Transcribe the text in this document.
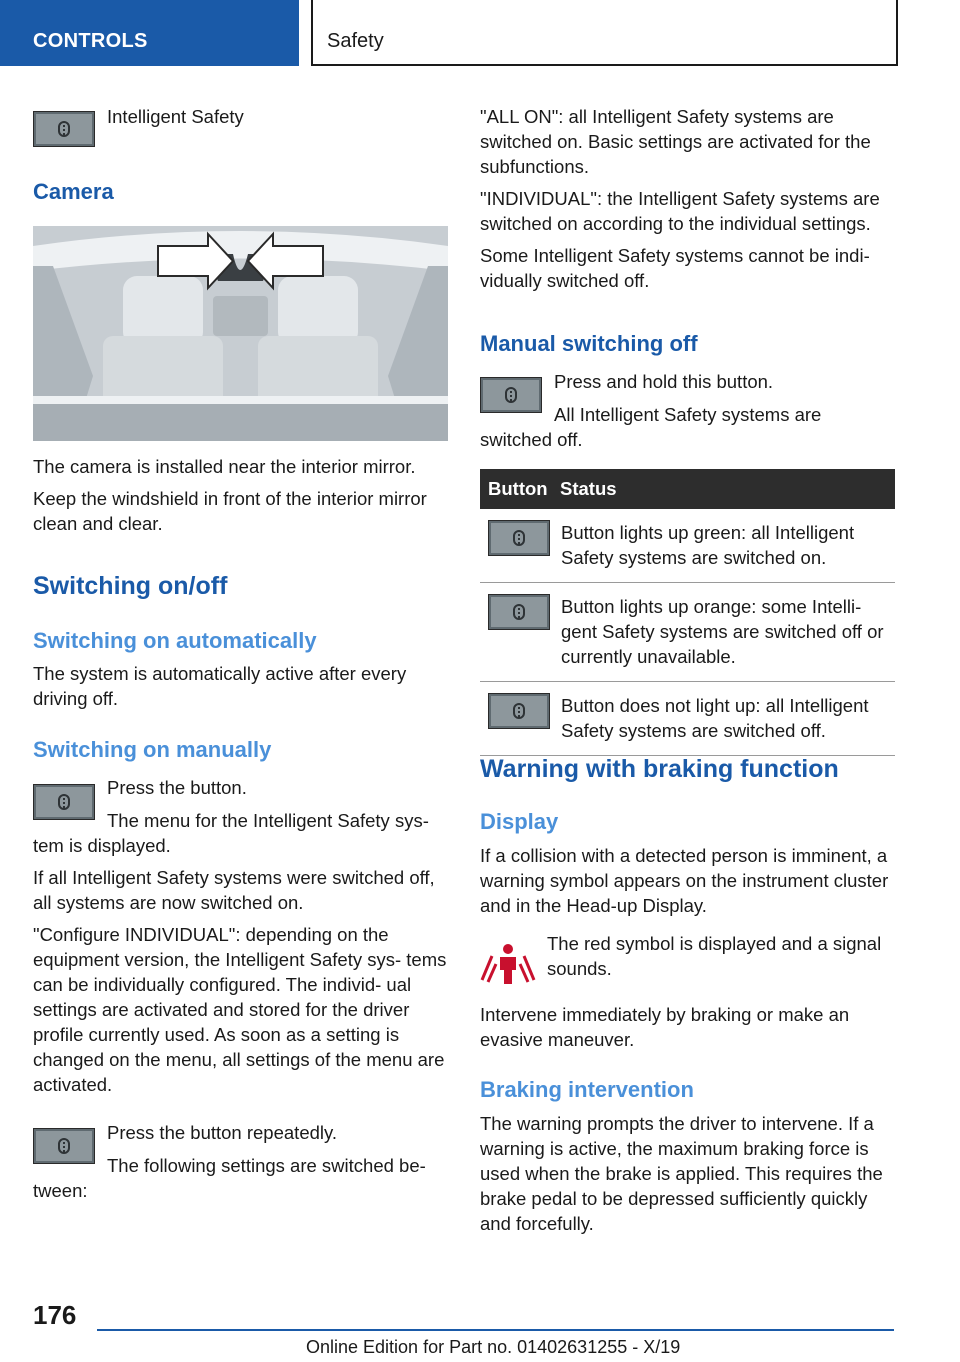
CONTROLS	Safety

Intelligent Safety

Camera

The camera is installed near the interior mirror.

Keep the windshield in front of the interior mirror clean and clear.

Switching on/off
Switching on automatically

The system is automatically active after every driving off.

Switching on manually

Press the button.

The menu for the Intelligent Safety sys‐ tem is displayed.

If all Intelligent Safety systems were switched off, all systems are now switched on.

"Configure INDIVIDUAL": depending on the equipment version, the Intelligent Safety sys‐ tems can be individually configured. The individ‐ ual settings are activated and stored for the driver profile currently used. As soon as a setting is changed on the menu, all settings of the menu are activated.

Press the button repeatedly.

The following settings are switched be‐ tween:

"ALL ON": all Intelligent Safety systems are switched on. Basic settings are activated for the subfunctions.

"INDIVIDUAL": the Intelligent Safety systems are switched on according to the individual settings.

Some Intelligent Safety systems cannot be indi‐ vidually switched off.

Manual switching off

Press and hold this button.

All Intelligent Safety systems are switched off.

Button	Status

	Button lights up green: all Intelligent Safety systems are switched on.

	Button lights up orange: some Intelli‐ gent Safety systems are switched off or currently unavailable.

	Button does not light up: all Intelligent Safety systems are switched off.
Warning with braking function
Display

If a collision with a detected person is imminent, a warning symbol appears on the instrument cluster and in the Head-up Display.

The red symbol is displayed and a signal sounds.

Intervene immediately by braking or make an evasive maneuver.

Braking intervention

The warning prompts the driver to intervene. If a warning is active, the maximum braking force is used when the brake is applied. This requires the brake pedal to be depressed sufficiently quickly and forcefully.

176
Online Edition for Part no. 01402631255 - X/19
